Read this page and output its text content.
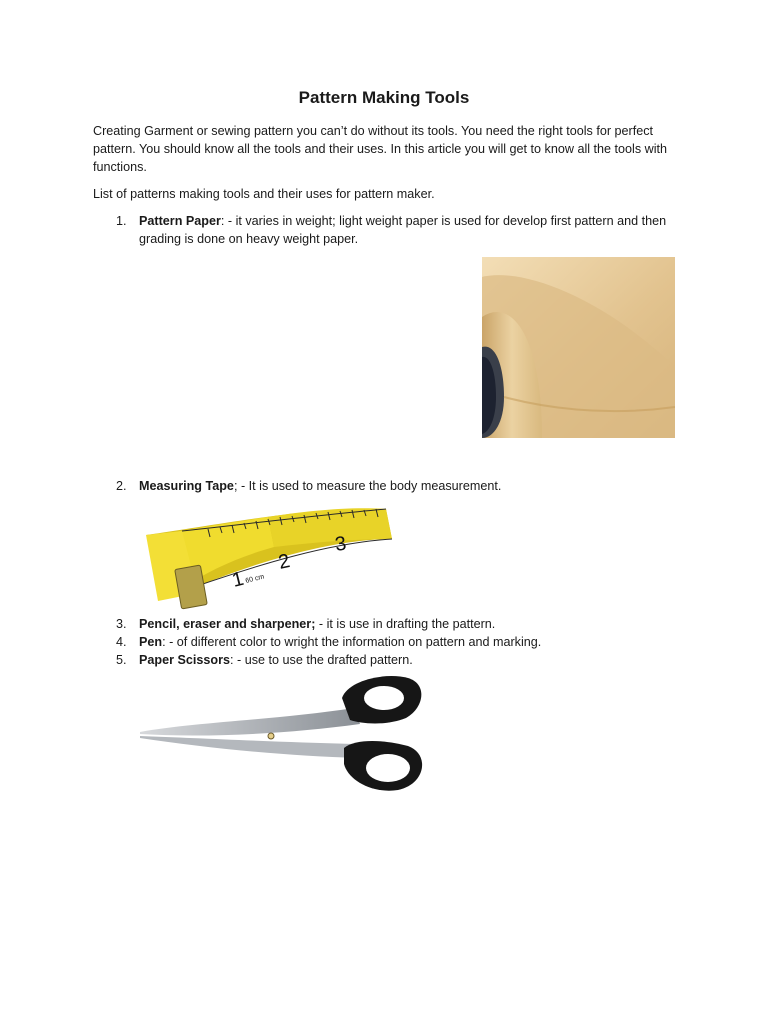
Pattern Making Tools

Creating Garment or sewing pattern you can’t do without its tools. You need the right tools for perfect pattern. You should know all the tools and their uses. In this article you will get to know all the tools with functions.

List of patterns making tools and their uses for pattern maker.

1. Pattern Paper: - it varies in weight; light weight paper is used for develop first pattern and then grading is done on heavy weight paper.
2. Measuring Tape; - It is used to measure the body measurement.
1
60 cm
2
3
3. Pencil, eraser and sharpener; - it is use in drafting the pattern.
4. Pen: - of different color to wright the information on pattern and marking.
5. Paper Scissors: - use to use the drafted pattern.
